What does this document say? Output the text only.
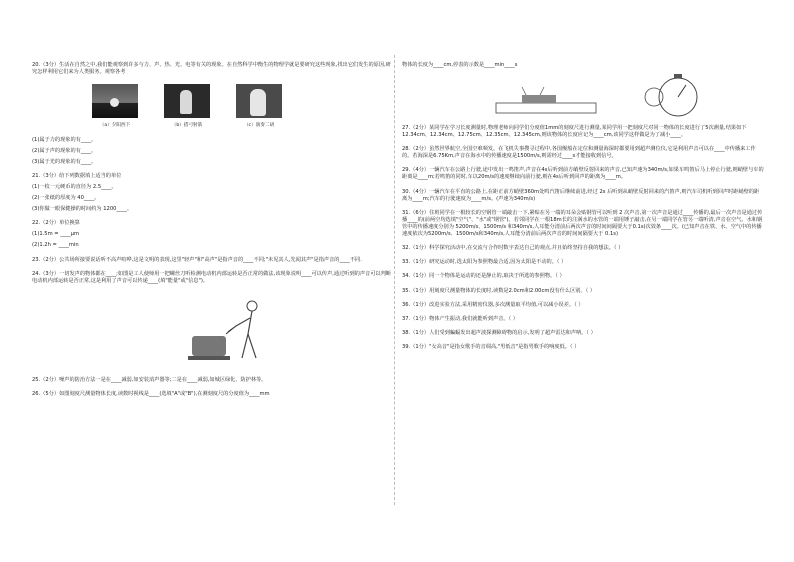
20.（3分）生活在自然之中,我们能观察到许多与力、声、热、光、电等有关的现象。在自然科学中衡生的物理学就是要研究这些现象,找出它们发生的原因,研究怎样利用它们来为人类服务。观察各考

（a）夕阳西下	（b）搭弓射箭	（c）演奏二胡

(1)属于力的现象的有____。

(2)属于声的现象的有____。

(3)属于光的现象的有____。

21.（3分）给下列数据填上适当的单位

(1)一枚一元硬币的直径为 2.5____。

(2)一张纸的厚度为 40____。

(3)你做一眼保健操的时间约为 1200____。

22.（2分）单位换算

(1)1.5m = ____μm

(2)1.2h = ____min

23.（2分）公共场所接要说话听不高声喧哗,这是文明的表现,这里"轻声"和"高声"是指声音的____不同;"未见其人,先闻其声"是指声音的____不同.

24.（3分）一切发声的物体都在____;如图是工人使师用一把螺丝刀听检测电动机内部运转是否正常的做法,该现象说明____可以传声,通过听到的声音可以判断电动机内部运转是否正常,这是利用了声音可以传递____(填"能量"或"信息")。

25.（2分）噪声的防治方法一是在____减弱,如安装消声器等;二是在____减弱,如城区绿化、防护林等。

26.（5分）如图刻度尺测量物体长度,读数时视线是____(选填"A"或"B"),在测刻度尺的分度值为____mm

物体的长度为____cm,停表的示数是____min____s

27.（2分）某同学在学习长度测量时,物理老师向同学们分度值1mm的刻度尺进行测量,某同学用一把刻度尺对同一物体的长度进行了5次测量,结果如下 12.34cm、12.34cm、12.75cm、12.35cm、12.345cm,则该物体的长度应记为____cm,该同学这样做是为了减小____。

28.（2分）虽然世界航空,全国空难频发。在飞机失事搜寻过程中,各国舰船在定位和测量海深时都要用到超声测位仪,它是利用声音可以在____中传播来工作的。若海深是6.75Km,声音在海水中的传播速度是1500m/s,则需经过____s才能接收到信号。

29.（4分）一辆汽车在公路上行驶,途中发出一鸣笛声,声音在4s后听到前方峭壁反射回来的声音,已知声速为340m/s,如果车鸣笛后马上停止行驶,则峭壁与车的距离是____m;若鸣笛的同时,车以20m/s的速度继续向前行驶,则在4s后听到回声的距离为____m。

30.（4分）一辆汽车在平直的公路上,在距正前方峭壁360m处鸣汽笛后继续前进,经过 2s 后听到从峭壁反射回来的汽笛声,则汽车司机听到回声时距峭壁的距离为____m;汽车的行驶速度为____m/s。(声速为340m/s)

31.（6分）住班同学在一根较长的空钢管一端敲击一下,紧贴在另一端的耳朵会贴钢管可以听到 2 次声音,第一次声音是通过____传播的,最后一次声音是通过传播____的(前两空均选填"空气"、"水"或"钢管")。若邻同学在一根18m长的注满水的水管的一端用锤子敲击,在另一端同学在管另一端听清,声音在空气、水和钢管中的传播速度分别为 5200m/s、1500m/s 和340m/s,人耳能分清前后两次声音的时间间隔要大于0.1s)次效条____次。(已知声音在铁、水、空气中的传播速度依次为5200m/s、1500m/s和340m/s,人耳能分清前后两次声音的时间间隔要大于 0.1s)

32.（1分）科学探究活动中,在交流与合作时数字表达自己的观点,并且始终坚持自我的想法。（ ）

33.（1分）研究运动时,选太阳为参照物最合适,因为太阳是不动的。（ ）

34.（1分）同一个物体是运动的还是静止的,取决于所选的参照物。（ ）

35.（1分）用刻度尺测量物体的长度时,读数是2.0cm和2.00cm没有什么区别。（ ）

36.（1分）改进实验方法,采用精密仪器,多次测量取平均值,可以减小误差。（ ）

37.（1分）物体产生振动,我们就能听到声音。（ ）

38.（1分）人们受到蝙蝠发出超声波探测障碍物的启示,发明了超声雷达和声呐。（ ）

39.（1分）"女高音"是指女歌手的音调高,"男低音"是指男歌手的响度低。（ ）
